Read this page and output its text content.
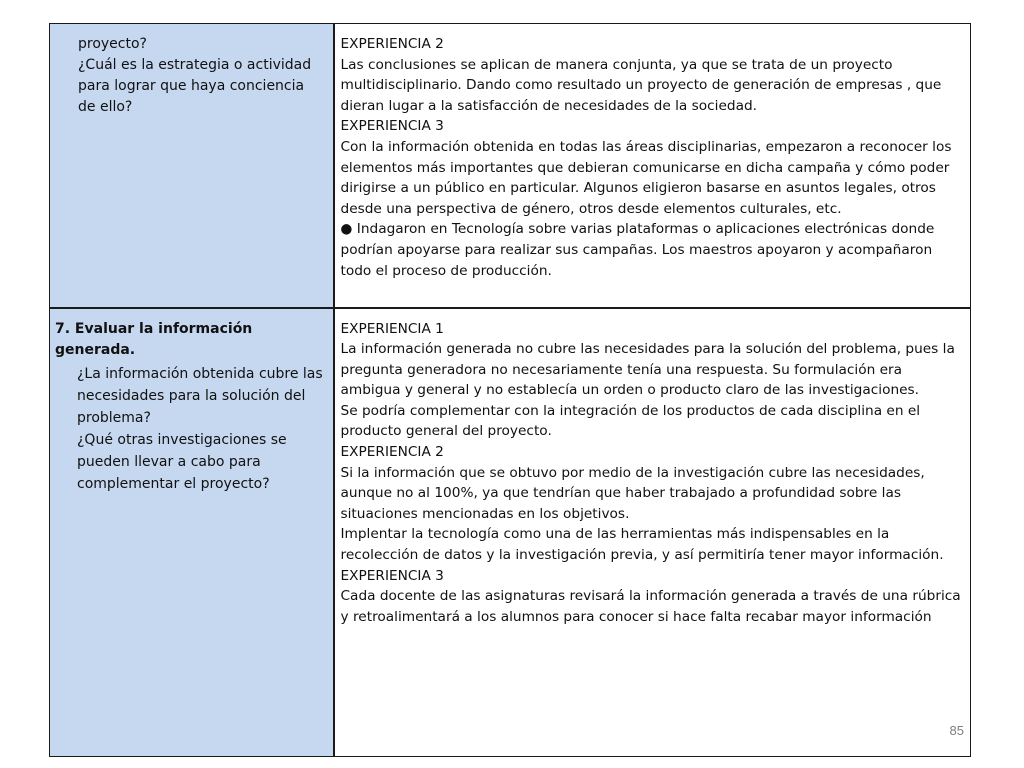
proyecto?

¿Cuál es la estrategia o actividad para lograr que haya conciencia de ello?

EXPERIENCIA 2

Las conclusiones se aplican de manera conjunta, ya que se trata de un proyecto multidisciplinario. Dando como resultado un proyecto de generación de empresas , que dieran lugar a la satisfacción de necesidades de la sociedad.

EXPERIENCIA 3

Con la información obtenida en todas las áreas disciplinarias, empezaron a reconocer los elementos más importantes que debieran comunicarse en dicha campaña y cómo poder dirigirse a un público en particular. Algunos eligieron basarse en asuntos legales, otros desde una perspectiva de género, otros desde elementos culturales, etc.

● Indagaron en Tecnología sobre varias plataformas o aplicaciones electrónicas donde podrían apoyarse para realizar sus campañas. Los maestros apoyaron y acompañaron todo el proceso de producción.

7. Evaluar la información generada.

¿La información obtenida cubre las necesidades para la solución del problema?

¿Qué otras investigaciones se pueden llevar a cabo para complementar el proyecto?

EXPERIENCIA 1

La información generada no cubre las necesidades para la solución del problema, pues la pregunta generadora no necesariamente tenía una respuesta. Su formulación era ambigua y general y no establecía un orden o producto claro de las investigaciones.

Se podría complementar con la integración de los productos de cada disciplina en el producto general del proyecto.

EXPERIENCIA 2

Si la información que se obtuvo por medio de la investigación cubre las necesidades, aunque no al 100%, ya que tendrían que haber trabajado a profundidad sobre las situaciones mencionadas en los objetivos.

Implentar la tecnología como una de las herramientas más indispensables en la recolección de datos y la investigación previa, y así permitiría tener mayor información.

EXPERIENCIA 3

Cada docente de las asignaturas revisará la información generada a través de una rúbrica y retroalimentará a los alumnos para conocer si hace falta recabar mayor información

85
